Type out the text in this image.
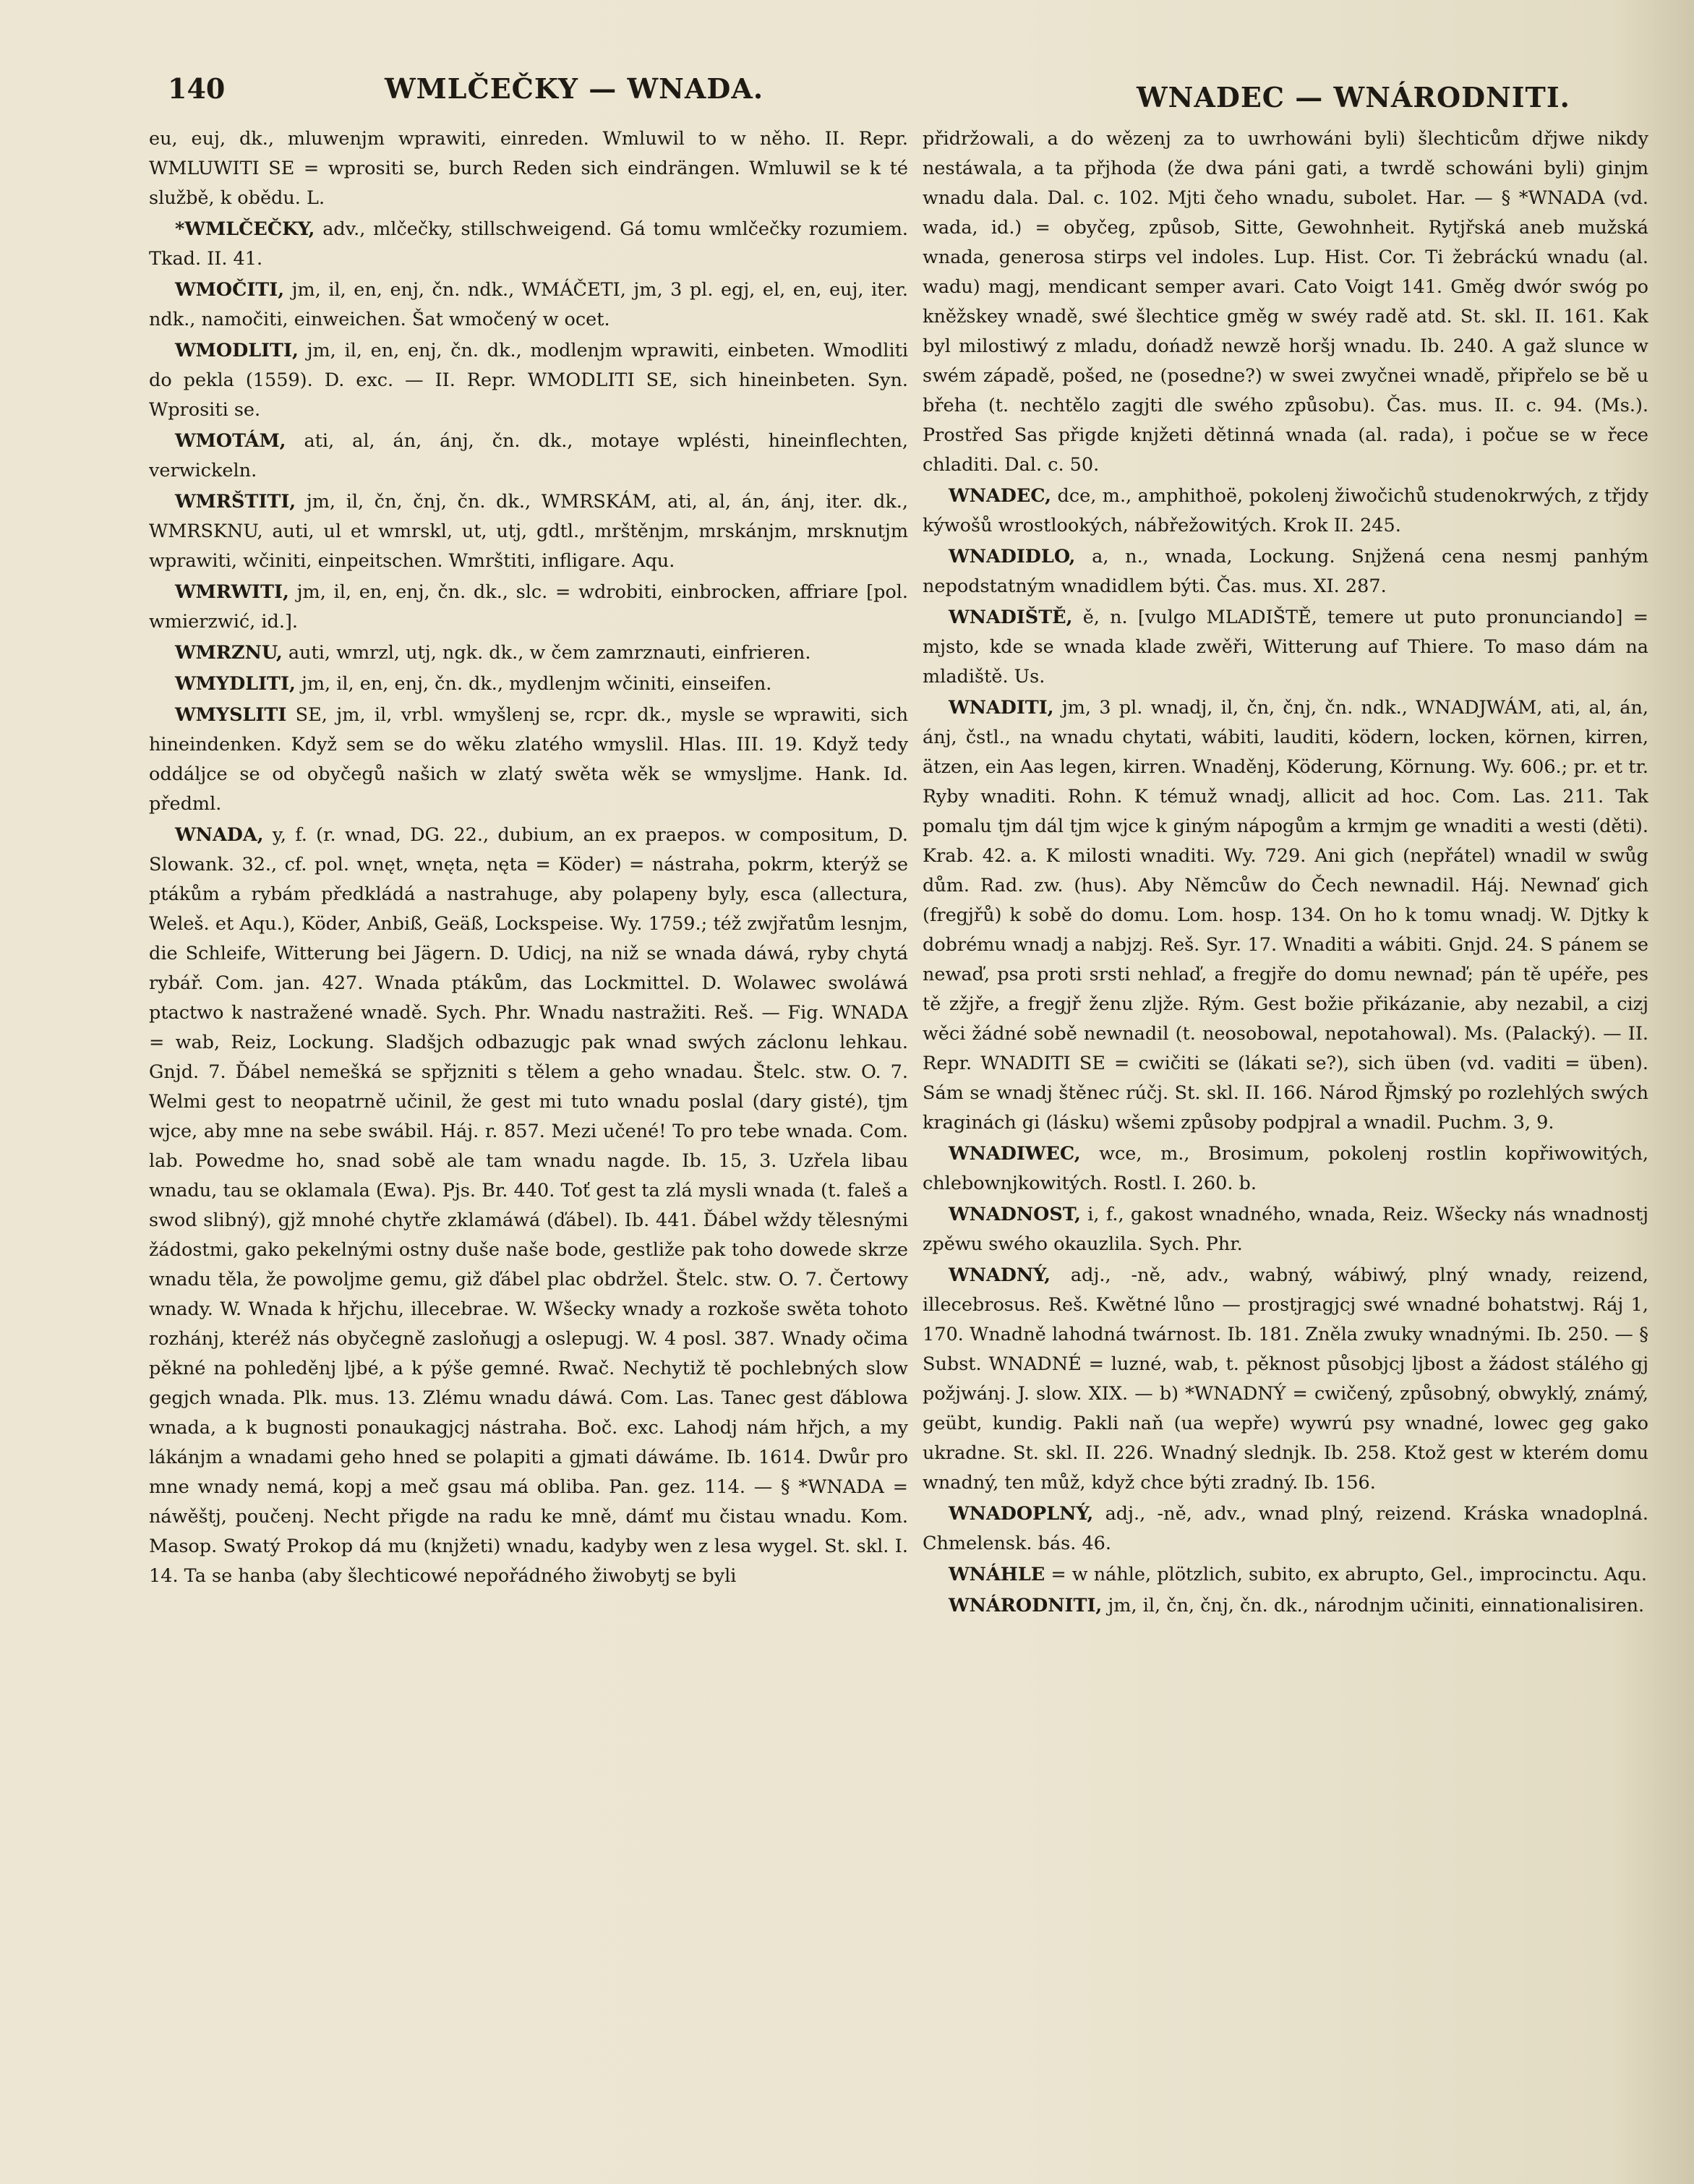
140	WMLČEČKY — WNADA.	WNADEC — WNÁRODNITI.

eu, euj, dk., mluwenjm wprawiti, einreden. Wmluwil to w něho. II. Repr. WMLUWITI SE = wprositi se, burch Reden sich eindrängen. Wmluwil se k té službě, k obědu. L.

*WMLČEČKY, adv., mlčečky, stillschweigend. Gá tomu wmlčečky rozumiem. Tkad. II. 41.

WMOČITI, jm, il, en, enj, čn. ndk., WMÁČETI, jm, 3 pl. egj, el, en, euj, iter. ndk., namočiti, einweichen. Šat wmočený w ocet.

WMODLITI, jm, il, en, enj, čn. dk., modlenjm wprawiti, einbeten. Wmodliti do pekla (1559). D. exc. — II. Repr. WMODLITI SE, sich hineinbeten. Syn. Wprositi se.

WMOTÁM, ati, al, án, ánj, čn. dk., motaye wplésti, hineinflechten, verwickeln.

WMRŠTITI, jm, il, čn, čnj, čn. dk., WMRSKÁM, ati, al, án, ánj, iter. dk., WMRSKNU, auti, ul et wmrskl, ut, utj, gdtl., mrštěnjm, mrskánjm, mrsknutjm wprawiti, wčiniti, einpeitschen. Wmrštiti, infligare. Aqu.

WMRWITI, jm, il, en, enj, čn. dk., slc. = wdrobiti, einbrocken, affriare [pol. wmierzwić, id.].

WMRZNU, auti, wmrzl, utj, ngk. dk., w čem zamrznauti, einfrieren.

WMYDLITI, jm, il, en, enj, čn. dk., mydlenjm wčiniti, einseifen.

WMYSLITI SE, jm, il, vrbl. wmyšlenj se, rcpr. dk., mysle se wprawiti, sich hineindenken. Když sem se do wěku zlatého wmyslil. Hlas. III. 19. Když tedy oddáljce se od obyčegů našich w zlatý swěta wěk se wmysljme. Hank. Id. předml.

WNADA, y, f. (r. wnad, DG. 22., dubium, an ex praepos. w compositum, D. Slowank. 32., cf. pol. wnęt, wnęta, nęta = Köder) = nástraha, pokrm, kterýž se ptákům a rybám předkládá a nastrahuge, aby polapeny byly, esca (allectura, Weleš. et Aqu.), Köder, Anbiß, Geäß, Lockspeise. Wy. 1759.; též zwjřatům lesnjm, die Schleife, Witterung bei Jägern. D. Udicj, na niž se wnada dáwá, ryby chytá rybář. Com. jan. 427. Wnada ptákům, das Lockmittel. D. Wolawec swoláwá ptactwo k nastražené wnadě. Sych. Phr. Wnadu nastražiti. Reš. — Fig. WNADA = wab, Reiz, Lockung. Sladšjch odbazugjc pak wnad swých záclonu lehkau. Gnjd. 7. Ďábel nemešká se spřjzniti s tělem a geho wnadau. Štelc. stw. O. 7. Welmi gest to neopatrně učinil, že gest mi tuto wnadu poslal (dary gisté), tjm wjce, aby mne na sebe swábil. Háj. r. 857. Mezi učené! To pro tebe wnada. Com. lab. Powedme ho, snad sobě ale tam wnadu nagde. Ib. 15, 3. Uzřela libau wnadu, tau se oklamala (Ewa). Pjs. Br. 440. Toť gest ta zlá mysli wnada (t. faleš a swod slibný), gjž mnohé chytře zklamáwá (ďábel). Ib. 441. Ďábel wždy tělesnými žádostmi, gako pekelnými ostny duše naše bode, gestliže pak toho dowede skrze wnadu těla, že powoljme gemu, giž ďábel plac obdržel. Štelc. stw. O. 7. Čertowy wnady. W. Wnada k hřjchu, illecebrae. W. Wšecky wnady a rozkoše swěta tohoto rozhánj, kteréž nás obyčegně zasloňugj a oslepugj. W. 4 posl. 387. Wnady očima pěkné na pohleděnj ljbé, a k pýše gemné. Rwač. Nechytiž tě pochlebných slow gegjch wnada. Plk. mus. 13. Zlému wnadu dáwá. Com. Las. Tanec gest ďáblowa wnada, a k bugnosti ponaukagjcj nástraha. Boč. exc. Lahodj nám hřjch, a my lákánjm a wnadami geho hned se polapiti a gjmati dáwáme. Ib. 1614. Dwůr pro mne wnady nemá, kopj a meč gsau má obliba. Pan. gez. 114. — § *WNADA = náwěštj, poučenj. Necht přigde na radu ke mně, dámť mu čistau wnadu. Kom. Masop. Swatý Prokop dá mu (knjžeti) wnadu, kadyby wen z lesa wygel. St. skl. I. 14. Ta se hanba (aby šlechticowé nepořádného žiwobytj se byli

přidržowali, a do wězenj za to uwrhowáni byli) šlechticům dřjwe nikdy nestáwala, a ta přjhoda (že dwa páni gati, a twrdě schowáni byli) ginjm wnadu dala. Dal. c. 102. Mjti čeho wnadu, subolet. Har. — § *WNADA (vd. wada, id.) = obyčeg, způsob, Sitte, Gewohnheit. Rytjřská aneb mužská wnada, generosa stirps vel indoles. Lup. Hist. Cor. Ti žebráckú wnadu (al. wadu) magj, mendicant semper avari. Cato Voigt 141. Gměg dwór swóg po kněžskey wnadě, swé šlechtice gměg w swéy radě atd. St. skl. II. 161. Kak byl milostiwý z mladu, dońadž newzě horšj wnadu. Ib. 240. A gaž slunce w swém západě, pošed, ne (posedne?) w swei zwyčnei wnadě, připřelo se bě u břeha (t. nechtělo zagjti dle swého způsobu). Čas. mus. II. c. 94. (Ms.). Prostřed Sas přigde knjžeti dětinná wnada (al. rada), i počue se w řece chladiti. Dal. c. 50.

WNADEC, dce, m., amphithoë, pokolenj žiwočichů studenokrwých, z třjdy kýwošů wrostlookých, nábřežowitých. Krok II. 245.

WNADIDLO, a, n., wnada, Lockung. Snjžená cena nesmj panhým nepodstatným wnadidlem býti. Čas. mus. XI. 287.

WNADIŠTĚ, ě, n. [vulgo MLADIŠTĚ, temere ut puto pronunciando] = mjsto, kde se wnada klade zwěři, Witterung auf Thiere. To maso dám na mladiště. Us.

WNADITI, jm, 3 pl. wnadj, il, čn, čnj, čn. ndk., WNADJWÁM, ati, al, án, ánj, čstl., na wnadu chytati, wábiti, lauditi, ködern, locken, körnen, kirren, ätzen, ein Aas legen, kirren. Wnaděnj, Köderung, Körnung. Wy. 606.; pr. et tr. Ryby wnaditi. Rohn. K témuž wnadj, allicit ad hoc. Com. Las. 211. Tak pomalu tjm dál tjm wjce k giným nápogům a krmjm ge wnaditi a westi (děti). Krab. 42. a. K milosti wnaditi. Wy. 729. Ani gich (nepřátel) wnadil w swůg dům. Rad. zw. (hus). Aby Němcůw do Čech newnadil. Háj. Newnaď gich (fregjřů) k sobě do domu. Lom. hosp. 134. On ho k tomu wnadj. W. Djtky k dobrému wnadj a nabjzj. Reš. Syr. 17. Wnaditi a wábiti. Gnjd. 24. S pánem se newaď, psa proti srsti nehlaď, a fregjře do domu newnaď; pán tě upéře, pes tě zžjře, a fregjř ženu zljže. Rým. Gest božie přikázanie, aby nezabil, a cizj wěci žádné sobě newnadil (t. neosobowal, nepotahowal). Ms. (Palacký). — II. Repr. WNADITI SE = cwičiti se (lákati se?), sich üben (vd. vaditi = üben). Sám se wnadj štěnec rúčj. St. skl. II. 166. Národ Řjmský po rozlehlých swých kraginách gi (lásku) wšemi způsoby podpjral a wnadil. Puchm. 3, 9.

WNADIWEC, wce, m., Brosimum, pokolenj rostlin kopřiwowitých, chlebownjkowitých. Rostl. I. 260. b.

WNADNOST, i, f., gakost wnadného, wnada, Reiz. Wšecky nás wnadnostj zpěwu swého okauzlila. Sych. Phr.

WNADNÝ, adj., -ně, adv., wabný, wábiwý, plný wnady, reizend, illecebrosus. Reš. Kwětné lůno — prostjragjcj swé wnadné bohatstwj. Ráj 1, 170. Wnadně lahodná twárnost. Ib. 181. Zněla zwuky wnadnými. Ib. 250. — § Subst. WNADNÉ = luzné, wab, t. pěknost působjcj ljbost a žádost stálého gj požjwánj. J. slow. XIX. — b) *WNADNÝ = cwičený, způsobný, obwyklý, známý, geübt, kundig. Pakli naň (ua wepře) wywrú psy wnadné, lowec geg gako ukradne. St. skl. II. 226. Wnadný slednjk. Ib. 258. Ktož gest w kterém domu wnadný, ten můž, když chce býti zradný. Ib. 156.

WNADOPLNÝ, adj., -ně, adv., wnad plný, reizend. Kráska wnadoplná. Chmelensk. bás. 46.

WNÁHLE = w náhle, plötzlich, subito, ex abrupto, Gel., improcinctu. Aqu.

WNÁRODNITI, jm, il, čn, čnj, čn. dk., národnjm učiniti, einnationalisiren.
